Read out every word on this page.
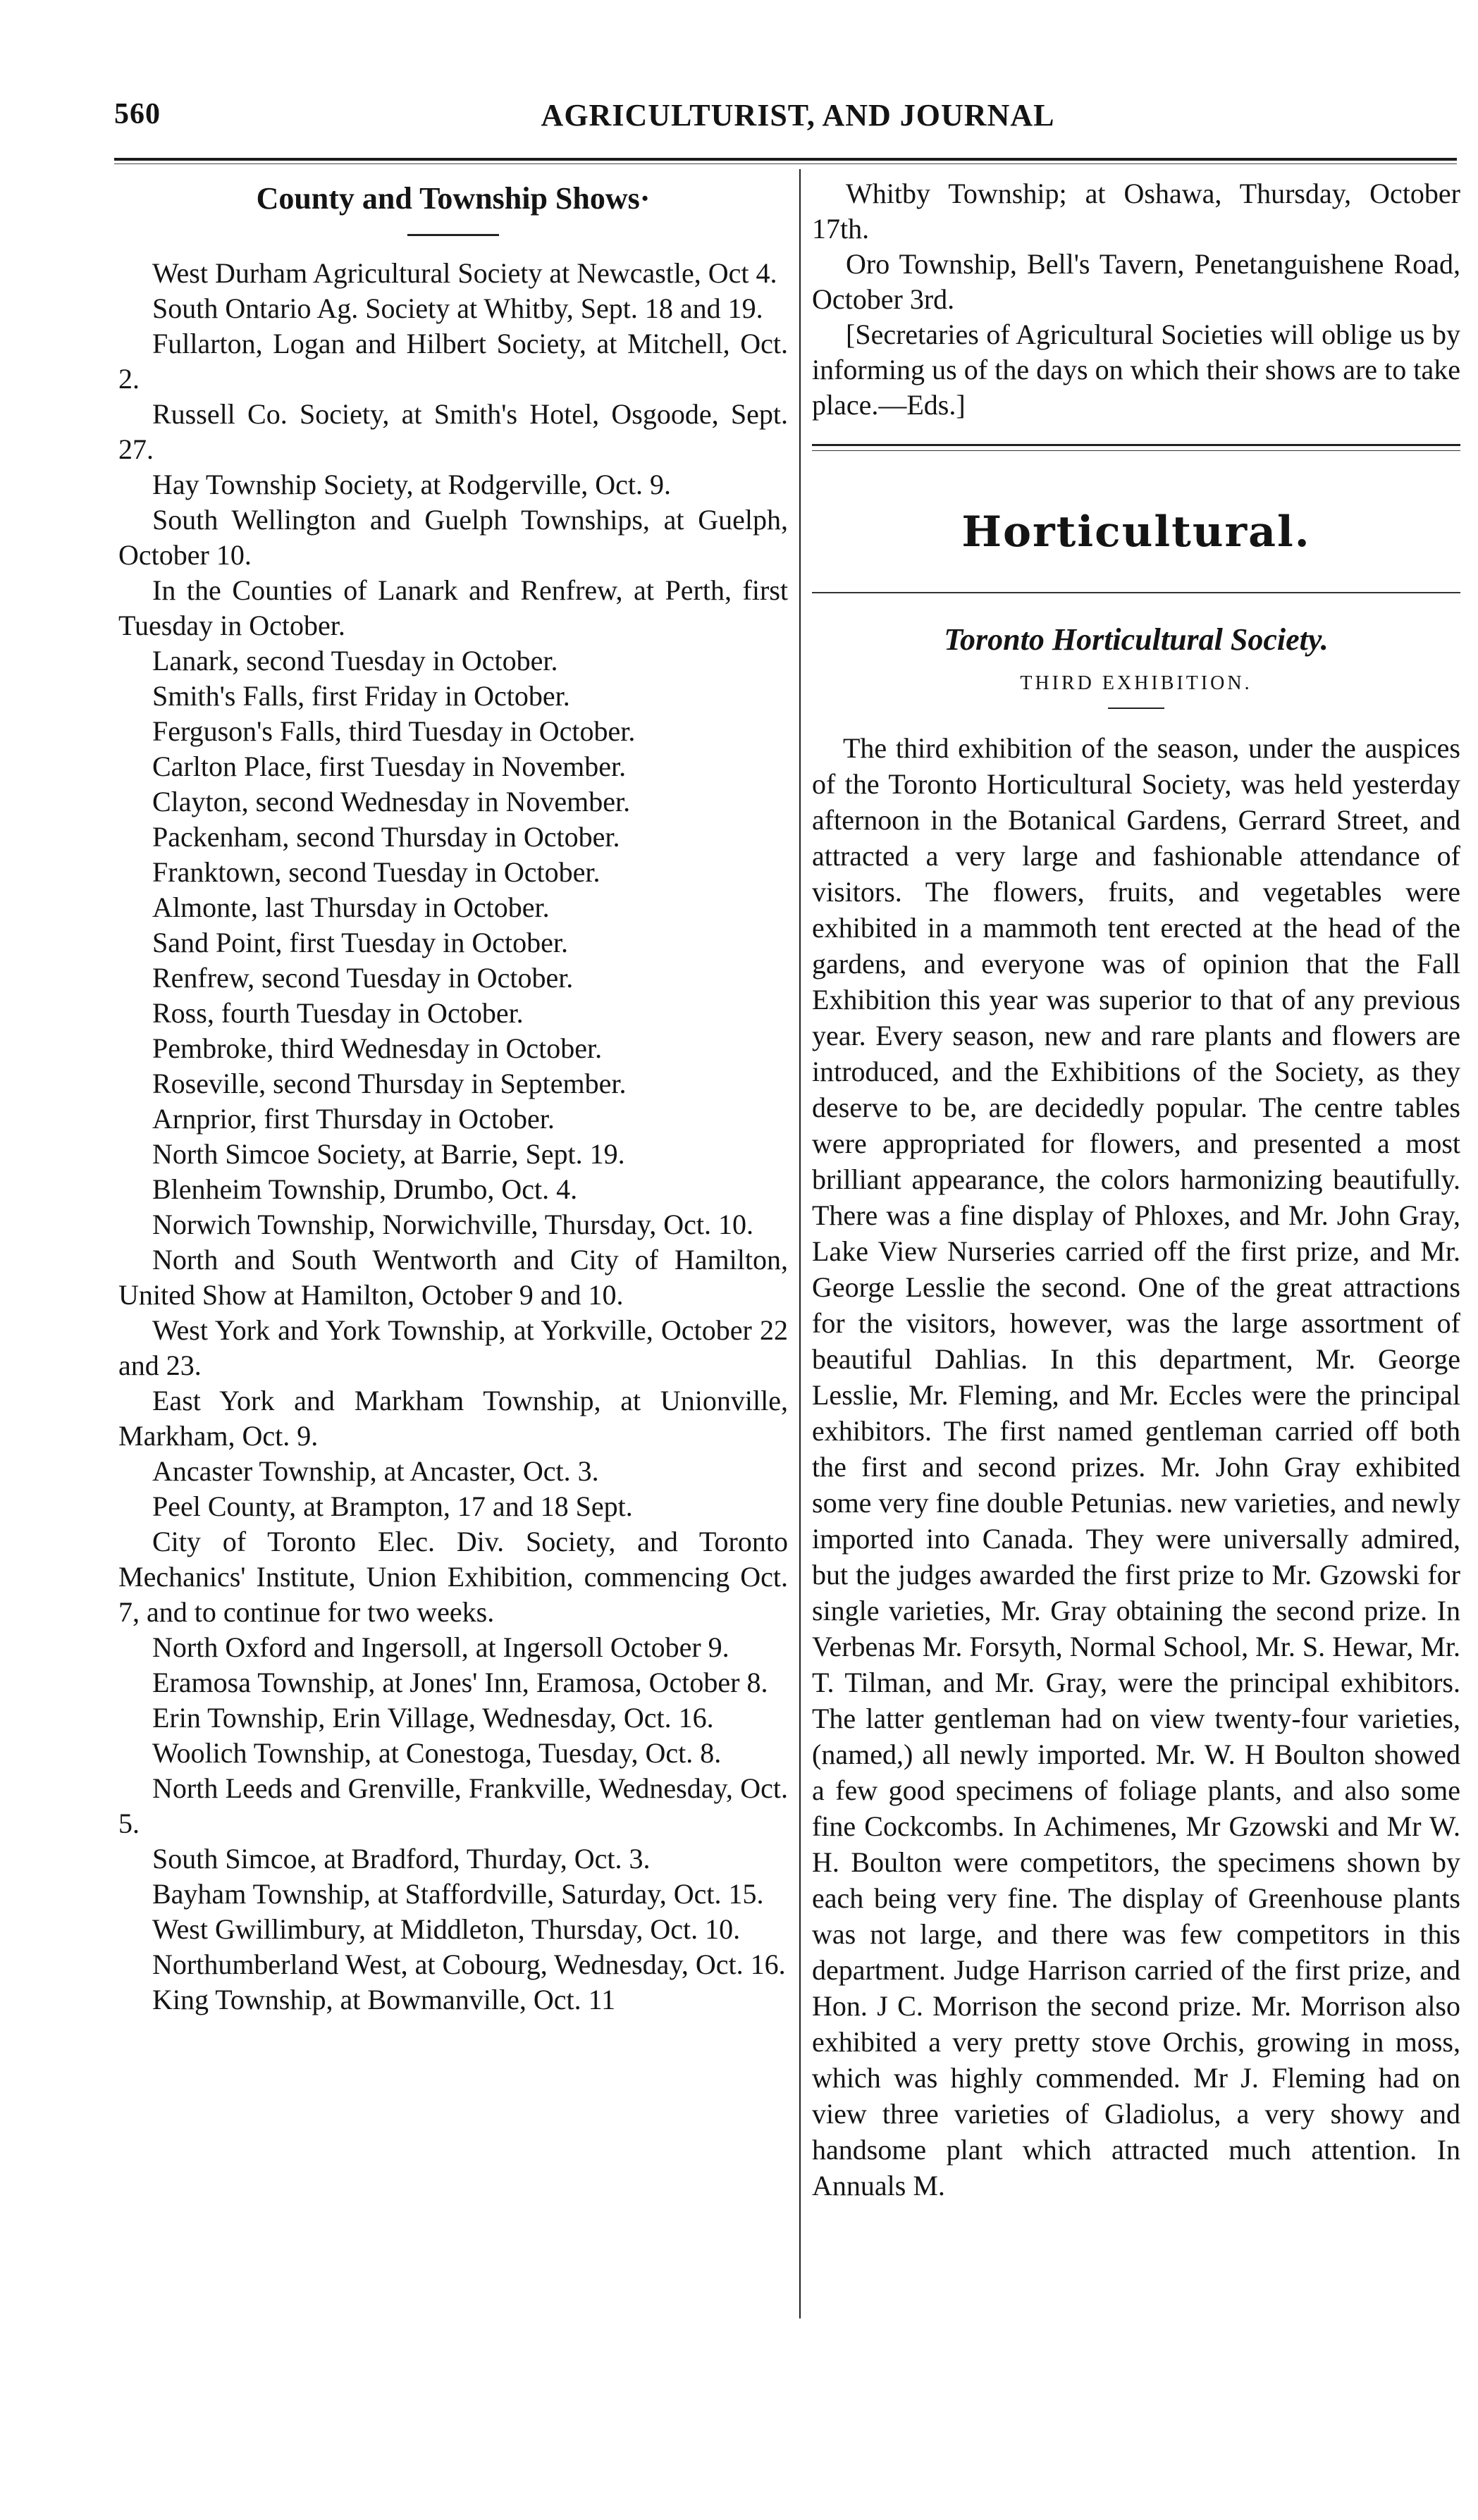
560	AGRICULTURIST, AND JOURNAL
County and Township Shows·

West Durham Agricultural Society at Newcastle, Oct 4.

South Ontario Ag. Society at Whitby, Sept. 18 and 19.

Fullarton, Logan and Hilbert Society, at Mitchell, Oct. 2.

Russell Co. Society, at Smith's Hotel, Osgoode, Sept. 27.

Hay Township Society, at Rodgerville, Oct. 9.

South Wellington and Guelph Townships, at Guelph, October 10.

In the Counties of Lanark and Renfrew, at Perth, first Tuesday in October.

Lanark, second Tuesday in October.

Smith's Falls, first Friday in October.

Ferguson's Falls, third Tuesday in October.

Carlton Place, first Tuesday in November.

Clayton, second Wednesday in November.

Packenham, second Thursday in October.

Franktown, second Tuesday in October.

Almonte, last Thursday in October.

Sand Point, first Tuesday in October.

Renfrew, second Tuesday in October.

Ross, fourth Tuesday in October.

Pembroke, third Wednesday in October.

Roseville, second Thursday in September.

Arnprior, first Thursday in October.

North Simcoe Society, at Barrie, Sept. 19.

Blenheim Township, Drumbo, Oct. 4.

Norwich Township, Norwichville, Thursday, Oct. 10.

North and South Wentworth and City of Hamilton, United Show at Hamilton, October 9 and 10.

West York and York Township, at Yorkville, October 22 and 23.

East York and Markham Township, at Unionville, Markham, Oct. 9.

Ancaster Township, at Ancaster, Oct. 3.

Peel County, at Brampton, 17 and 18 Sept.

City of Toronto Elec. Div. Society, and Toronto Mechanics' Institute, Union Exhibition, commencing Oct. 7, and to continue for two weeks.

North Oxford and Ingersoll, at Ingersoll October 9.

Eramosa Township, at Jones' Inn, Eramosa, October 8.

Erin Township, Erin Village, Wednesday, Oct. 16.

Woolich Township, at Conestoga, Tuesday, Oct. 8.

North Leeds and Grenville, Frankville, Wednesday, Oct. 5.

South Simcoe, at Bradford, Thurday, Oct. 3.

Bayham Township, at Staffordville, Saturday, Oct. 15.

West Gwillimbury, at Middleton, Thursday, Oct. 10.

Northumberland West, at Cobourg, Wednesday, Oct. 16.

King Township, at Bowmanville, Oct. 11

Whitby Township; at Oshawa, Thursday, October 17th.

Oro Township, Bell's Tavern, Penetanguishene Road, October 3rd.

[Secretaries of Agricultural Societies will oblige us by informing us of the days on which their shows are to take place.—Eds.]

Horticultural.
Toronto Horticultural Society.

THIRD EXHIBITION.

The third exhibition of the season, under the auspices of the Toronto Horticultural Society, was held yesterday afternoon in the Botanical Gardens, Gerrard Street, and attracted a very large and fashionable attendance of visitors. The flowers, fruits, and vegetables were exhibited in a mammoth tent erected at the head of the gardens, and everyone was of opinion that the Fall Exhibition this year was superior to that of any previous year. Every season, new and rare plants and flowers are introduced, and the Exhibitions of the Society, as they deserve to be, are decidedly popular. The centre tables were appropriated for flowers, and presented a most brilliant appearance, the colors harmonizing beautifully. There was a fine display of Phloxes, and Mr. John Gray, Lake View Nurseries carried off the first prize, and Mr. George Lesslie the second. One of the great attractions for the visitors, however, was the large assortment of beautiful Dahlias. In this department, Mr. George Lesslie, Mr. Fleming, and Mr. Eccles were the principal exhibitors. The first named gentleman carried off both the first and second prizes. Mr. John Gray exhibited some very fine double Petunias. new varieties, and newly imported into Canada. They were universally admired, but the judges awarded the first prize to Mr. Gzowski for single varieties, Mr. Gray obtaining the second prize. In Verbenas Mr. Forsyth, Normal School, Mr. S. Hewar, Mr. T. Tilman, and Mr. Gray, were the principal exhibitors. The latter gentleman had on view twenty-four varieties, (named,) all newly imported. Mr. W. H Boulton showed a few good specimens of foliage plants, and also some fine Cockcombs. In Achimenes, Mr Gzowski and Mr W. H. Boulton were competitors, the specimens shown by each being very fine. The display of Greenhouse plants was not large, and there was few competitors in this department. Judge Harrison carried of the first prize, and Hon. J C. Morrison the second prize. Mr. Morrison also exhibited a very pretty stove Orchis, growing in moss, which was highly commended. Mr J. Fleming had on view three varieties of Gladiolus, a very showy and handsome plant which attracted much attention. In Annuals M.
